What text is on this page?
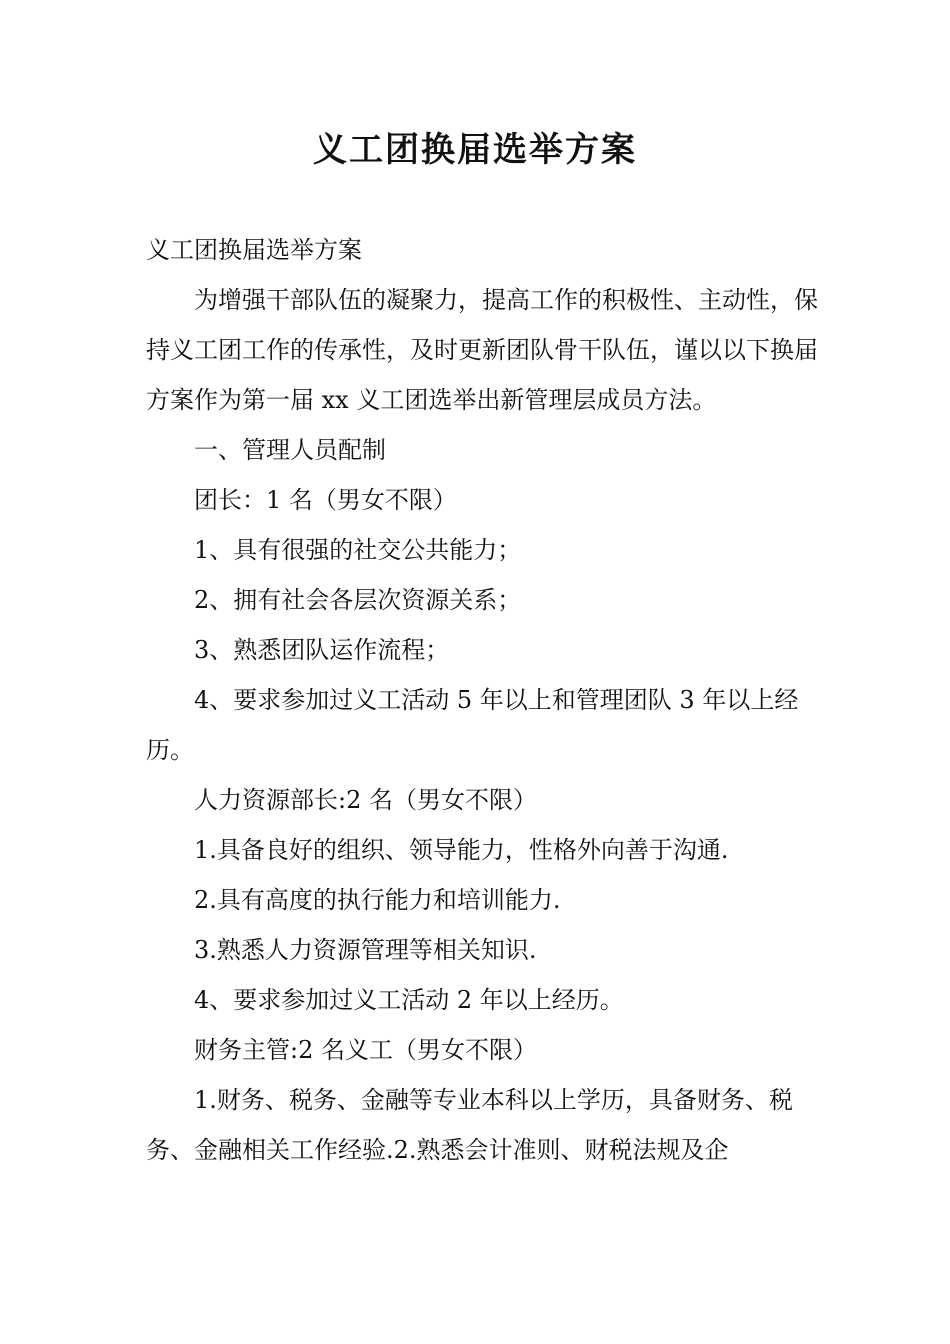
义工团换届选举方案

义工团换届选举方案

为增强干部队伍的凝聚力，提高工作的积极性、主动性，保持义工团工作的传承性，及时更新团队骨干队伍，谨以以下换届方案作为第一届 xx 义工团选举出新管理层成员方法。

一、管理人员配制

团长：1 名（男女不限）

1、具有很强的社交公共能力；

2、拥有社会各层次资源关系；

3、熟悉团队运作流程；

4、要求参加过义工活动 5 年以上和管理团队 3 年以上经历。

人力资源部长:2 名（男女不限）

1.具备良好的组织、领导能力，性格外向善于沟通.

2.具有高度的执行能力和培训能力.

3.熟悉人力资源管理等相关知识.

4、要求参加过义工活动 2 年以上经历。

财务主管:2 名义工（男女不限）

1.财务、税务、金融等专业本科以上学历，具备财务、税务、金融相关工作经验.2.熟悉会计准则、财税法规及企
